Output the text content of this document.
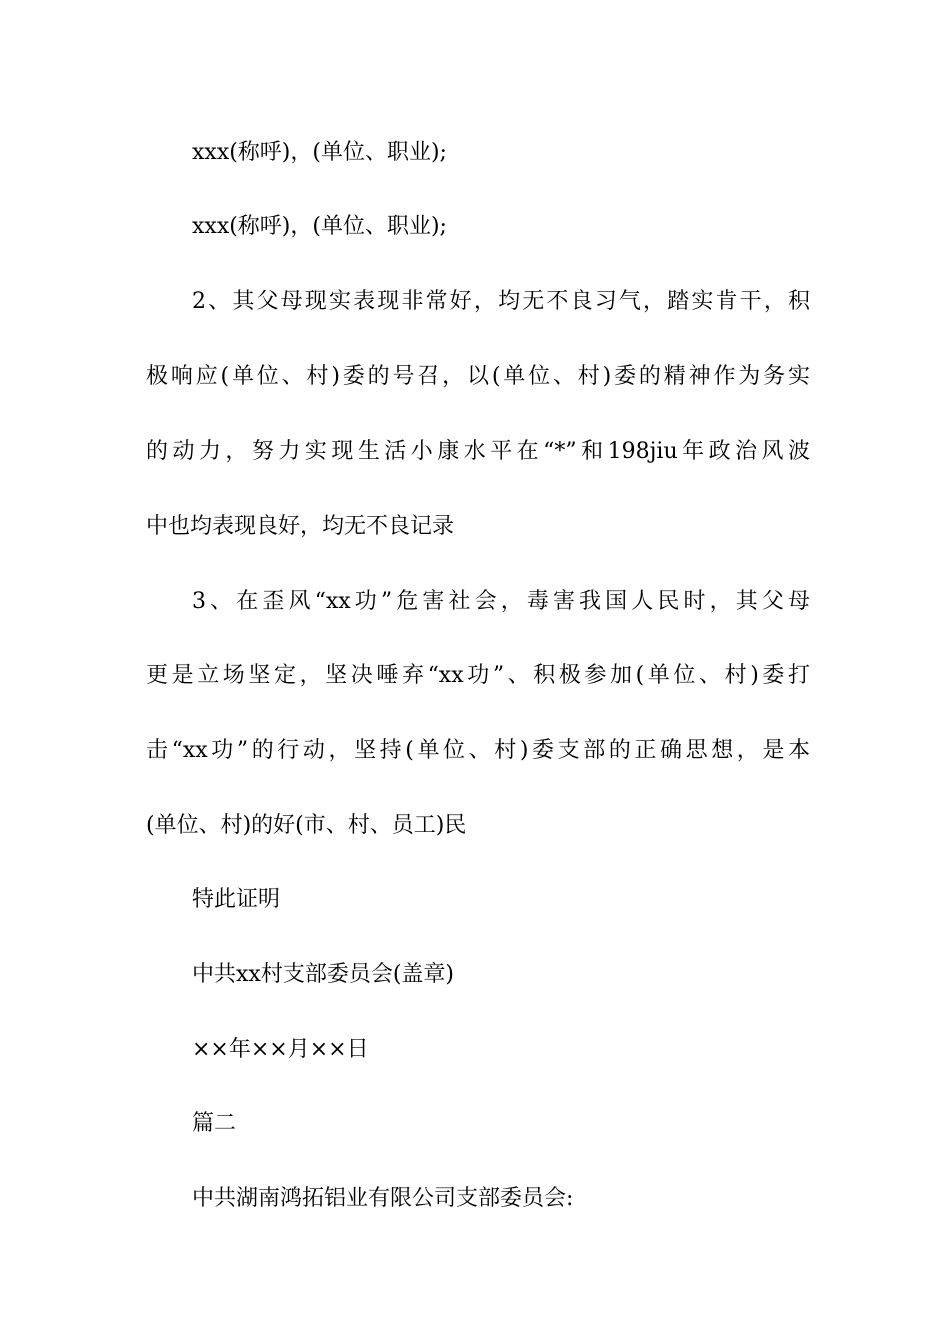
xxx(称呼)，(单位、职业);
xxx(称呼)，(单位、职业);
2、其父母现实表现非常好，均无不良习气，踏实肯干，积
极响应(单位、村)委的号召，以(单位、村)委的精神作为务实
的动力，努力实现生活小康水平在“*”和198jiu年政治风波
中也均表现良好，均无不良记录
3、在歪风“xx功”危害社会，毒害我国人民时，其父母
更是立场坚定，坚决唾弃“xx功”、积极参加(单位、村)委打
击“xx功”的行动，坚持(单位、村)委支部的正确思想，是本
(单位、村)的好(市、村、员工)民
特此证明
中共xx村支部委员会(盖章)
××年××月××日
篇二
中共湖南鸿拓铝业有限公司支部委员会:
